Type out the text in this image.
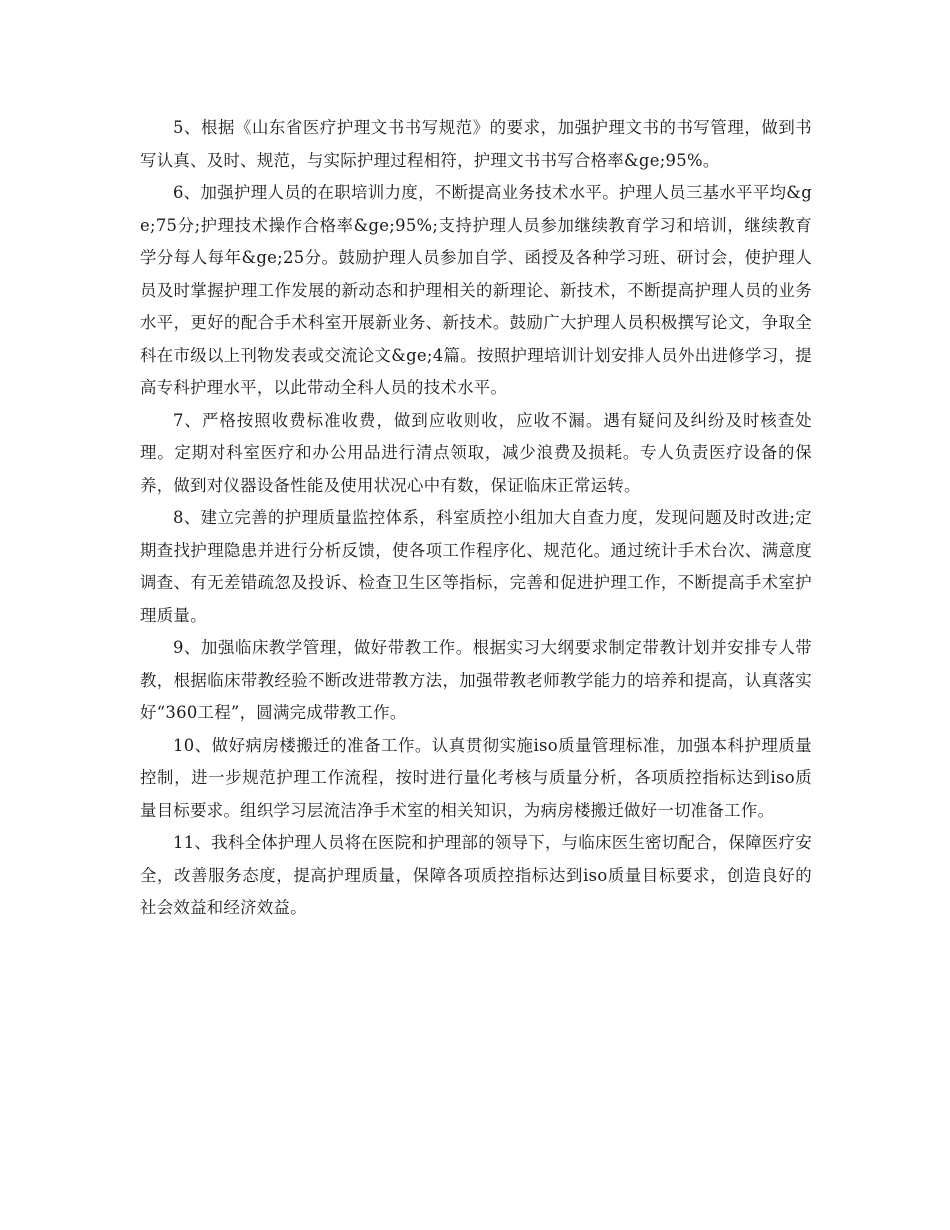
5、根据《山东省医疗护理文书书写规范》的要求，加强护理文书的书写管理，做到书写认真、及时、规范，与实际护理过程相符，护理文书书写合格率&ge;95%。

6、加强护理人员的在职培训力度，不断提高业务技术水平。护理人员三基水平平均&ge;75分;护理技术操作合格率&ge;95%;支持护理人员参加继续教育学习和培训，继续教育学分每人每年&ge;25分。鼓励护理人员参加自学、函授及各种学习班、研讨会，使护理人员及时掌握护理工作发展的新动态和护理相关的新理论、新技术，不断提高护理人员的业务水平，更好的配合手术科室开展新业务、新技术。鼓励广大护理人员积极撰写论文，争取全科在市级以上刊物发表或交流论文&ge;4篇。按照护理培训计划安排人员外出进修学习，提高专科护理水平，以此带动全科人员的技术水平。

7、严格按照收费标准收费，做到应收则收，应收不漏。遇有疑问及纠纷及时核查处理。定期对科室医疗和办公用品进行清点领取，减少浪费及损耗。专人负责医疗设备的保养，做到对仪器设备性能及使用状况心中有数，保证临床正常运转。

8、建立完善的护理质量监控体系，科室质控小组加大自查力度，发现问题及时改进;定期查找护理隐患并进行分析反馈，使各项工作程序化、规范化。通过统计手术台次、满意度调查、有无差错疏忽及投诉、检查卫生区等指标，完善和促进护理工作，不断提高手术室护理质量。

9、加强临床教学管理，做好带教工作。根据实习大纲要求制定带教计划并安排专人带教，根据临床带教经验不断改进带教方法，加强带教老师教学能力的培养和提高，认真落实好“360工程”，圆满完成带教工作。

10、做好病房楼搬迁的准备工作。认真贯彻实施iso质量管理标准，加强本科护理质量控制，进一步规范护理工作流程，按时进行量化考核与质量分析，各项质控指标达到iso质量目标要求。组织学习层流洁净手术室的相关知识，为病房楼搬迁做好一切准备工作。

11、我科全体护理人员将在医院和护理部的领导下，与临床医生密切配合，保障医疗安全，改善服务态度，提高护理质量，保障各项质控指标达到iso质量目标要求，创造良好的社会效益和经济效益。
